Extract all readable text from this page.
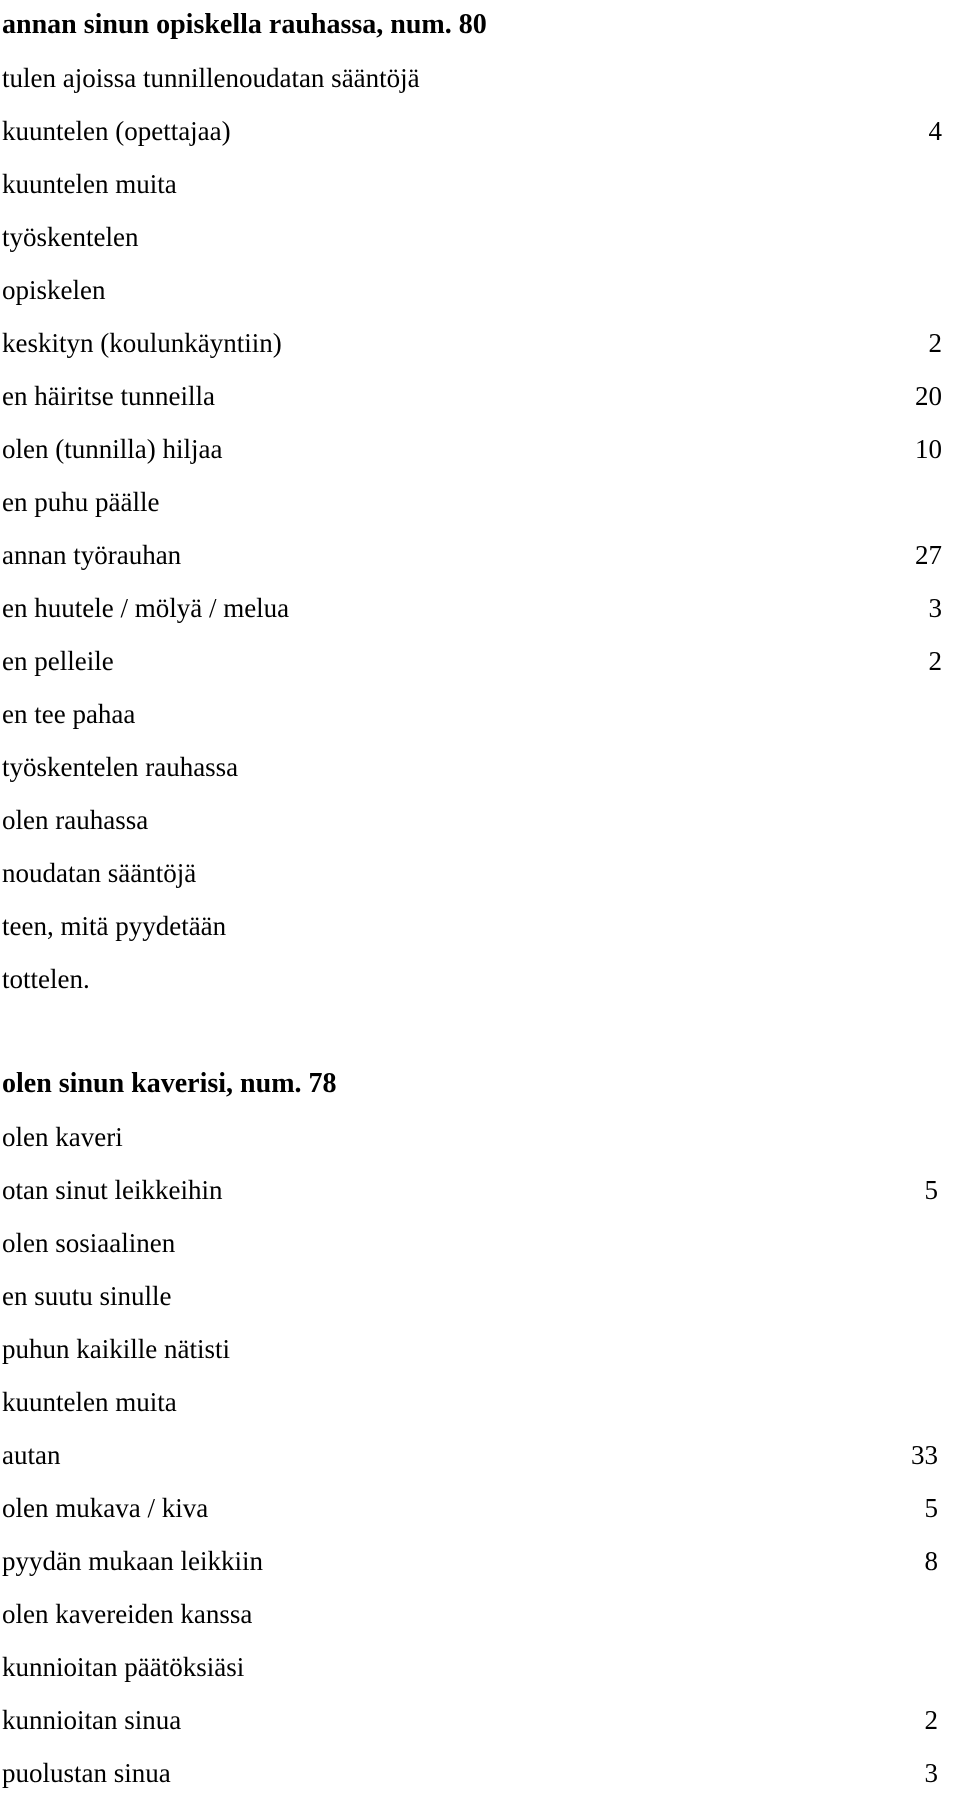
annan sinun opiskella rauhassa, num. 80
tulen ajoissa tunnillenoudatan sääntöjä
kuuntelen (opettajaa)	4
kuuntelen muita
työskentelen
opiskelen
keskityn (koulunkäyntiin)	2
en häiritse tunneilla	20
olen (tunnilla) hiljaa	10
en puhu päälle
annan työrauhan	27
en huutele / mölyä / melua	3
en pelleile	2
en tee pahaa
työskentelen rauhassa
olen rauhassa
noudatan sääntöjä
teen, mitä pyydetään
tottelen.
olen sinun kaverisi, num. 78
olen kaveri
otan sinut leikkeihin	5
olen sosiaalinen
en suutu sinulle
puhun kaikille nätisti
kuuntelen muita
autan	33
olen mukava / kiva	5
pyydän mukaan leikkiin	8
olen kavereiden kanssa
kunnioitan päätöksiäsi
kunnioitan sinua	2
puolustan sinua	3
